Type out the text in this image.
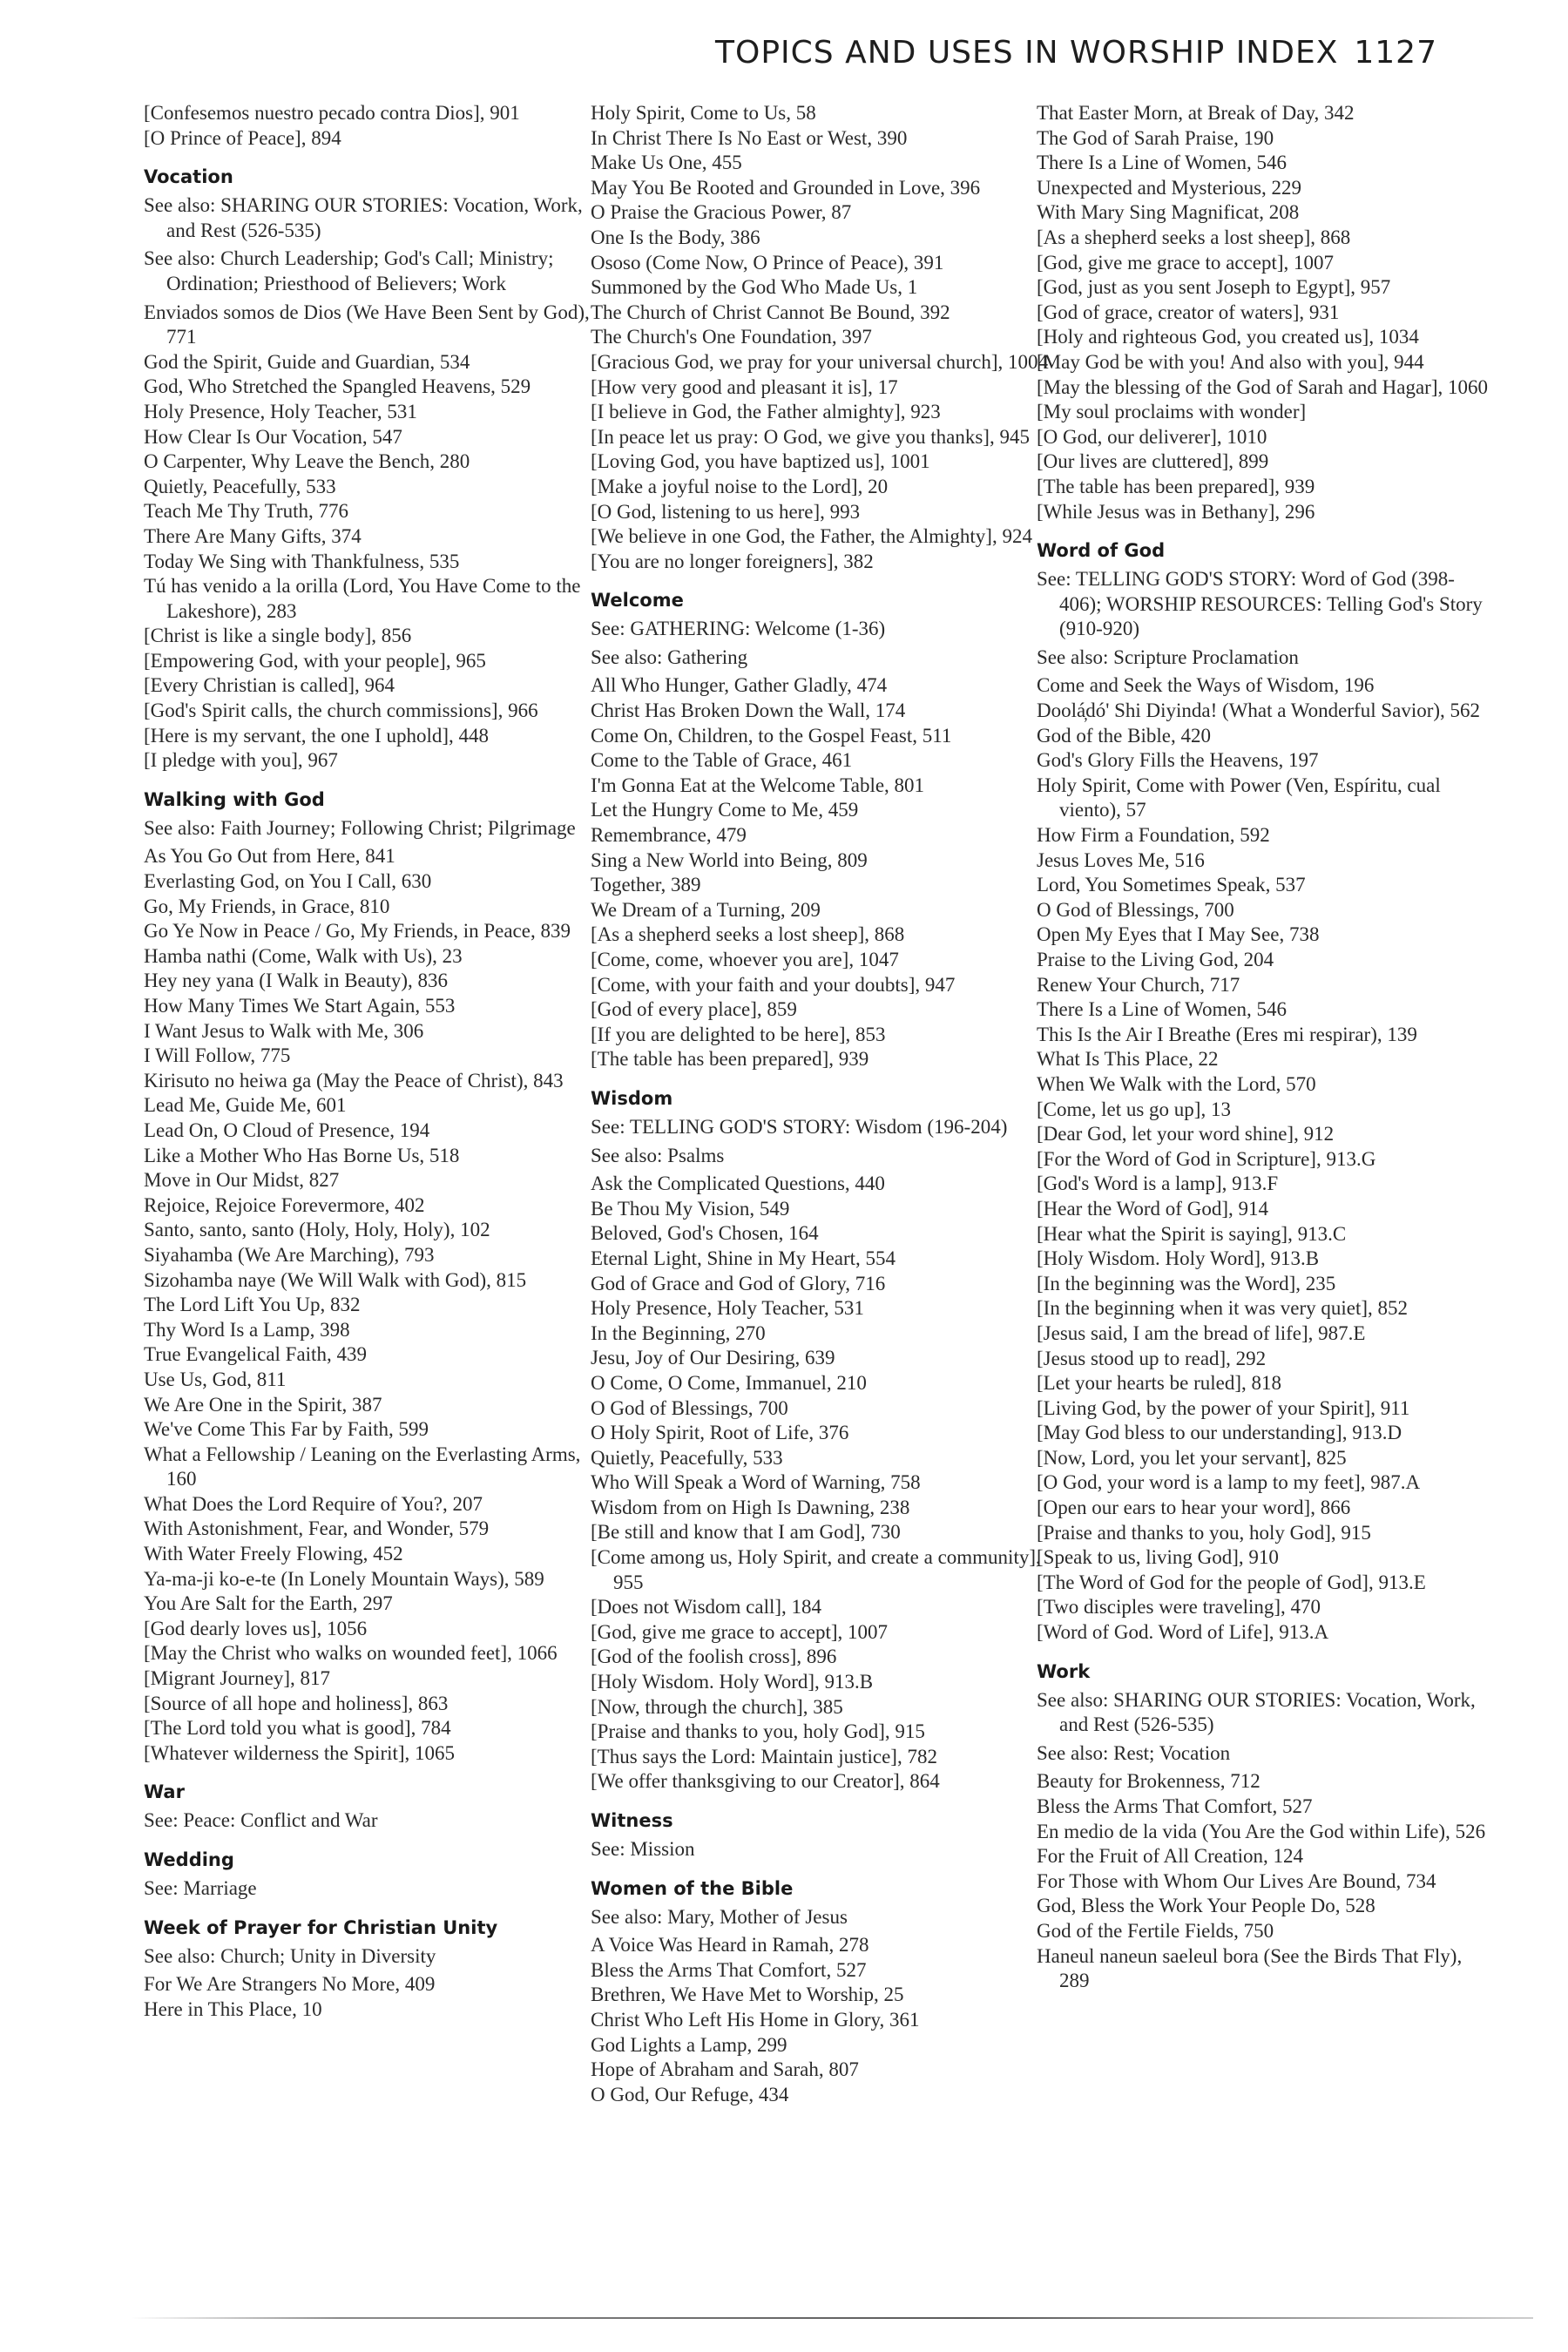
TOPICS AND USES IN WORSHIP INDEX 1127

[Confesemos nuestro pecado contra Dios], 901

[O Prince of Peace], 894

Vocation

See also: SHARING OUR STORIES: Vocation, Work, and Rest (526-535)

See also: Church Leadership; God's Call; Ministry; Ordination; Priesthood of Believers; Work

Enviados somos de Dios (We Have Been Sent by God), 771

God the Spirit, Guide and Guardian, 534

God, Who Stretched the Spangled Heavens, 529

Holy Presence, Holy Teacher, 531

How Clear Is Our Vocation, 547

O Carpenter, Why Leave the Bench, 280

Quietly, Peacefully, 533

Teach Me Thy Truth, 776

There Are Many Gifts, 374

Today We Sing with Thankfulness, 535

Tú has venido a la orilla (Lord, You Have Come to the Lakeshore), 283

[Christ is like a single body], 856

[Empowering God, with your people], 965

[Every Christian is called], 964

[God's Spirit calls, the church commissions], 966

[Here is my servant, the one I uphold], 448

[I pledge with you], 967

Walking with God

See also: Faith Journey; Following Christ; Pilgrimage

As You Go Out from Here, 841

Everlasting God, on You I Call, 630

Go, My Friends, in Grace, 810

Go Ye Now in Peace / Go, My Friends, in Peace, 839

Hamba nathi (Come, Walk with Us), 23

Hey ney yana (I Walk in Beauty), 836

How Many Times We Start Again, 553

I Want Jesus to Walk with Me, 306

I Will Follow, 775

Kirisuto no heiwa ga (May the Peace of Christ), 843

Lead Me, Guide Me, 601

Lead On, O Cloud of Presence, 194

Like a Mother Who Has Borne Us, 518

Move in Our Midst, 827

Rejoice, Rejoice Forevermore, 402

Santo, santo, santo (Holy, Holy, Holy), 102

Siyahamba (We Are Marching), 793

Sizohamba naye (We Will Walk with God), 815

The Lord Lift You Up, 832

Thy Word Is a Lamp, 398

True Evangelical Faith, 439

Use Us, God, 811

We Are One in the Spirit, 387

We've Come This Far by Faith, 599

What a Fellowship / Leaning on the Everlasting Arms, 160

What Does the Lord Require of You?, 207

With Astonishment, Fear, and Wonder, 579

With Water Freely Flowing, 452

Ya-ma-ji ko-e-te (In Lonely Mountain Ways), 589

You Are Salt for the Earth, 297

[God dearly loves us], 1056

[May the Christ who walks on wounded feet], 1066

[Migrant Journey], 817

[Source of all hope and holiness], 863

[The Lord told you what is good], 784

[Whatever wilderness the Spirit], 1065

War

See: Peace: Conflict and War

Wedding

See: Marriage

Week of Prayer for Christian Unity

See also: Church; Unity in Diversity

For We Are Strangers No More, 409

Here in This Place, 10

Holy Spirit, Come to Us, 58

In Christ There Is No East or West, 390

Make Us One, 455

May You Be Rooted and Grounded in Love, 396

O Praise the Gracious Power, 87

One Is the Body, 386

Ososo (Come Now, O Prince of Peace), 391

Summoned by the God Who Made Us, 1

The Church of Christ Cannot Be Bound, 392

The Church's One Foundation, 397

[Gracious God, we pray for your universal church], 1004

[How very good and pleasant it is], 17

[I believe in God, the Father almighty], 923

[In peace let us pray: O God, we give you thanks], 945

[Loving God, you have baptized us], 1001

[Make a joyful noise to the Lord], 20

[O God, listening to us here], 993

[We believe in one God, the Father, the Almighty], 924

[You are no longer foreigners], 382

Welcome

See: GATHERING: Welcome (1-36)

See also: Gathering

All Who Hunger, Gather Gladly, 474

Christ Has Broken Down the Wall, 174

Come On, Children, to the Gospel Feast, 511

Come to the Table of Grace, 461

I'm Gonna Eat at the Welcome Table, 801

Let the Hungry Come to Me, 459

Remembrance, 479

Sing a New World into Being, 809

Together, 389

We Dream of a Turning, 209

[As a shepherd seeks a lost sheep], 868

[Come, come, whoever you are], 1047

[Come, with your faith and your doubts], 947

[God of every place], 859

[If you are delighted to be here], 853

[The table has been prepared], 939

Wisdom

See: TELLING GOD'S STORY: Wisdom (196-204)

See also: Psalms

Ask the Complicated Questions, 440

Be Thou My Vision, 549

Beloved, God's Chosen, 164

Eternal Light, Shine in My Heart, 554

God of Grace and God of Glory, 716

Holy Presence, Holy Teacher, 531

In the Beginning, 270

Jesu, Joy of Our Desiring, 639

O Come, O Come, Immanuel, 210

O God of Blessings, 700

O Holy Spirit, Root of Life, 376

Quietly, Peacefully, 533

Who Will Speak a Word of Warning, 758

Wisdom from on High Is Dawning, 238

[Be still and know that I am God], 730

[Come among us, Holy Spirit, and create a community], 955

[Does not Wisdom call], 184

[God, give me grace to accept], 1007

[God of the foolish cross], 896

[Holy Wisdom. Holy Word], 913.B

[Now, through the church], 385

[Praise and thanks to you, holy God], 915

[Thus says the Lord: Maintain justice], 782

[We offer thanksgiving to our Creator], 864

Witness

See: Mission

Women of the Bible

See also: Mary, Mother of Jesus

A Voice Was Heard in Ramah, 278

Bless the Arms That Comfort, 527

Brethren, We Have Met to Worship, 25

Christ Who Left His Home in Glory, 361

God Lights a Lamp, 299

Hope of Abraham and Sarah, 807

O God, Our Refuge, 434

That Easter Morn, at Break of Day, 342

The God of Sarah Praise, 190

There Is a Line of Women, 546

Unexpected and Mysterious, 229

With Mary Sing Magnificat, 208

[As a shepherd seeks a lost sheep], 868

[God, give me grace to accept], 1007

[God, just as you sent Joseph to Egypt], 957

[God of grace, creator of waters], 931

[Holy and righteous God, you created us], 1034

[May God be with you! And also with you], 944

[May the blessing of the God of Sarah and Hagar], 1060

[My soul proclaims with wonder]

[O God, our deliverer], 1010

[Our lives are cluttered], 899

[The table has been prepared], 939

[While Jesus was in Bethany], 296

Word of God

See: TELLING GOD'S STORY: Word of God (398-406); WORSHIP RESOURCES: Telling God's Story (910-920)

See also: Scripture Proclamation

Come and Seek the Ways of Wisdom, 196

Doolá̦dó' Shi Diyinda! (What a Wonderful Savior), 562

God of the Bible, 420

God's Glory Fills the Heavens, 197

Holy Spirit, Come with Power (Ven, Espíritu, cual viento), 57

How Firm a Foundation, 592

Jesus Loves Me, 516

Lord, You Sometimes Speak, 537

O God of Blessings, 700

Open My Eyes that I May See, 738

Praise to the Living God, 204

Renew Your Church, 717

There Is a Line of Women, 546

This Is the Air I Breathe (Eres mi respirar), 139

What Is This Place, 22

When We Walk with the Lord, 570

[Come, let us go up], 13

[Dear God, let your word shine], 912

[For the Word of God in Scripture], 913.G

[God's Word is a lamp], 913.F

[Hear the Word of God], 914

[Hear what the Spirit is saying], 913.C

[Holy Wisdom. Holy Word], 913.B

[In the beginning was the Word], 235

[In the beginning when it was very quiet], 852

[Jesus said, I am the bread of life], 987.E

[Jesus stood up to read], 292

[Let your hearts be ruled], 818

[Living God, by the power of your Spirit], 911

[May God bless to our understanding], 913.D

[Now, Lord, you let your servant], 825

[O God, your word is a lamp to my feet], 987.A

[Open our ears to hear your word], 866

[Praise and thanks to you, holy God], 915

[Speak to us, living God], 910

[The Word of God for the people of God], 913.E

[Two disciples were traveling], 470

[Word of God. Word of Life], 913.A

Work

See also: SHARING OUR STORIES: Vocation, Work, and Rest (526-535)

See also: Rest; Vocation

Beauty for Brokenness, 712

Bless the Arms That Comfort, 527

En medio de la vida (You Are the God within Life), 526

For the Fruit of All Creation, 124

For Those with Whom Our Lives Are Bound, 734

God, Bless the Work Your People Do, 528

God of the Fertile Fields, 750

Haneul naneun saeleul bora (See the Birds That Fly), 289
